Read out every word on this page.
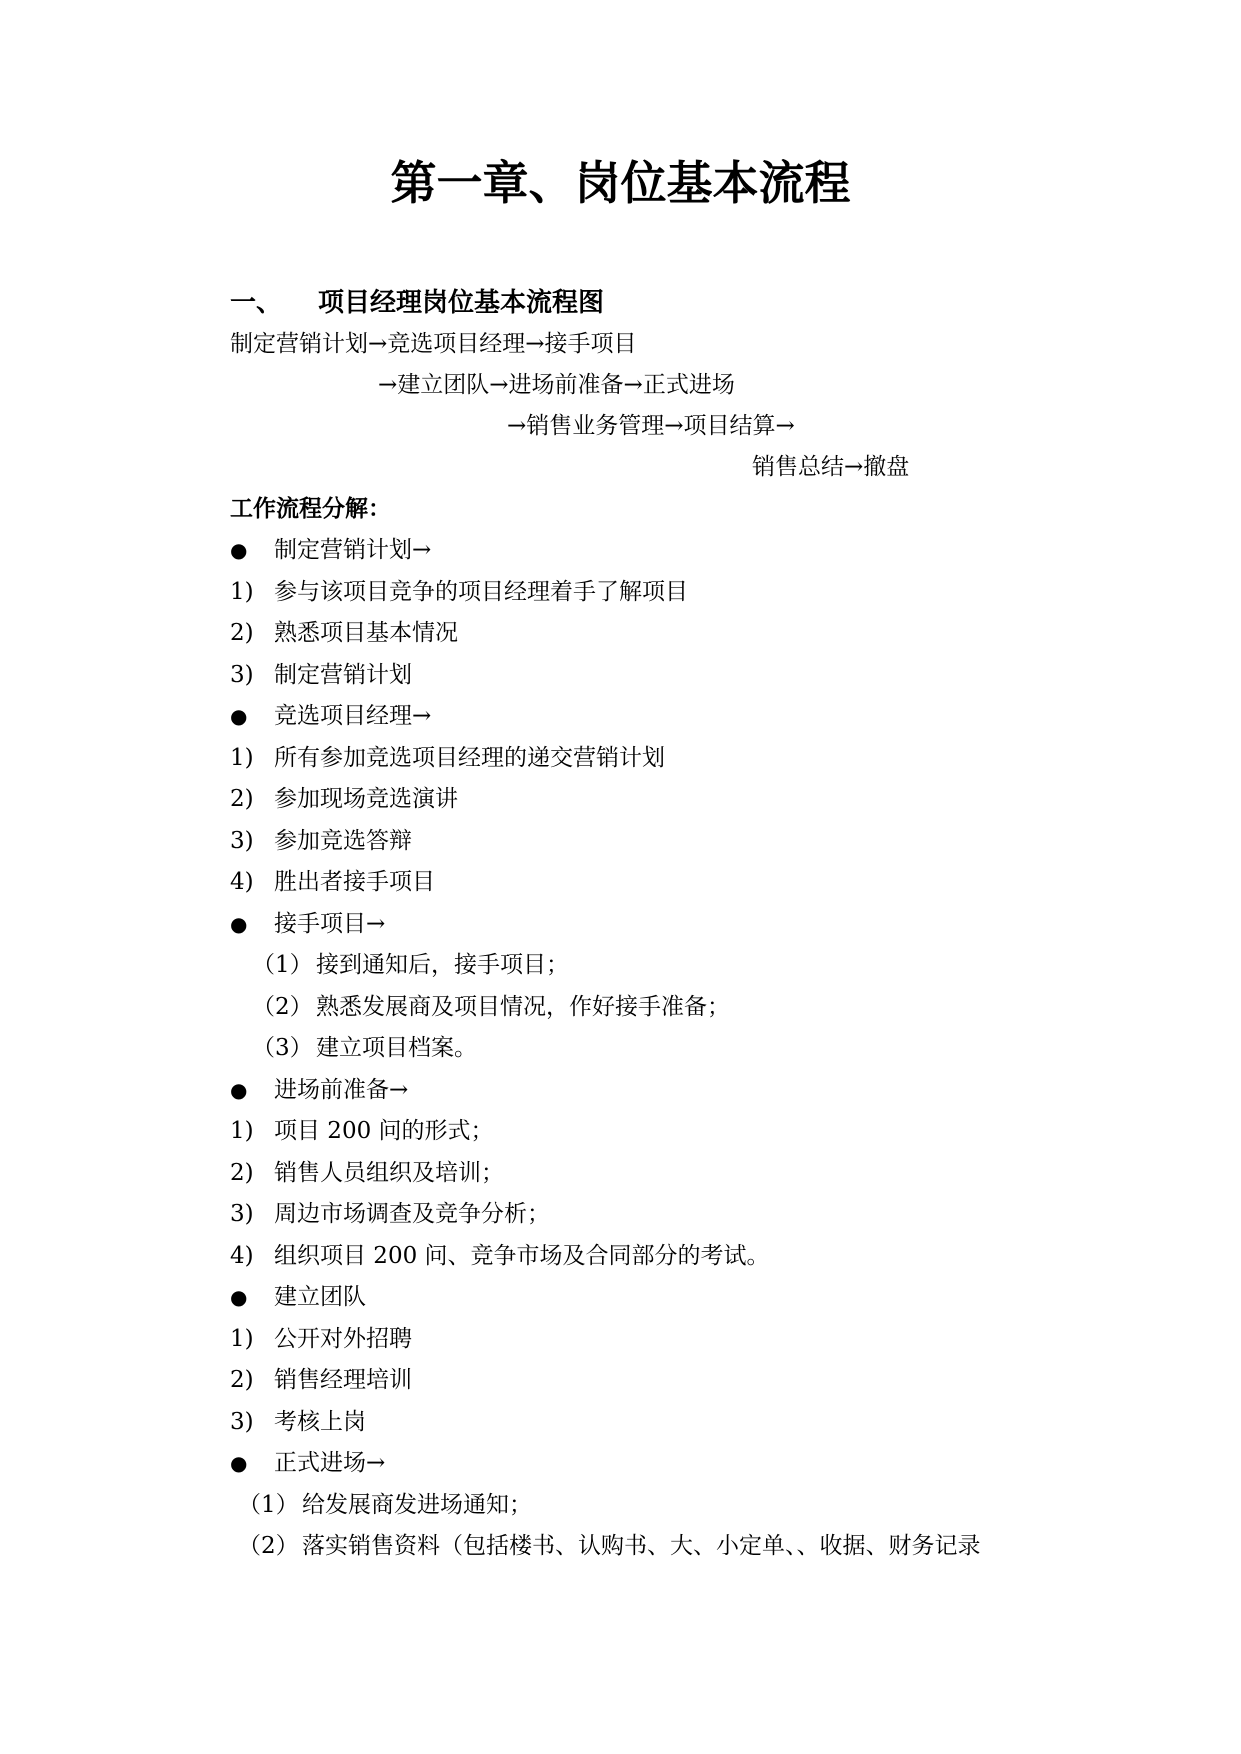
第一章、岗位基本流程
一、 项目经理岗位基本流程图
制定营销计划→竞选项目经理→接手项目
→建立团队→进场前准备→正式进场
→销售业务管理→项目结算→
销售总结→撤盘
工作流程分解：
● 制定营销计划→
1) 参与该项目竞争的项目经理着手了解项目
2) 熟悉项目基本情况
3) 制定营销计划
● 竞选项目经理→
1) 所有参加竞选项目经理的递交营销计划
2) 参加现场竞选演讲
3) 参加竞选答辩
4) 胜出者接手项目
● 接手项目→
（1） 接到通知后，接手项目；
（2） 熟悉发展商及项目情况，作好接手准备；
（3） 建立项目档案。
● 进场前准备→
1) 项目 200 问的形式；
2) 销售人员组织及培训；
3) 周边市场调查及竞争分析；
4) 组织项目 200 问、竞争市场及合同部分的考试。
● 建立团队
1) 公开对外招聘
2) 销售经理培训
3) 考核上岗
● 正式进场→
（1） 给发展商发进场通知；
（2） 落实销售资料（包括楼书、认购书、大、小定单、、收据、财务记录
